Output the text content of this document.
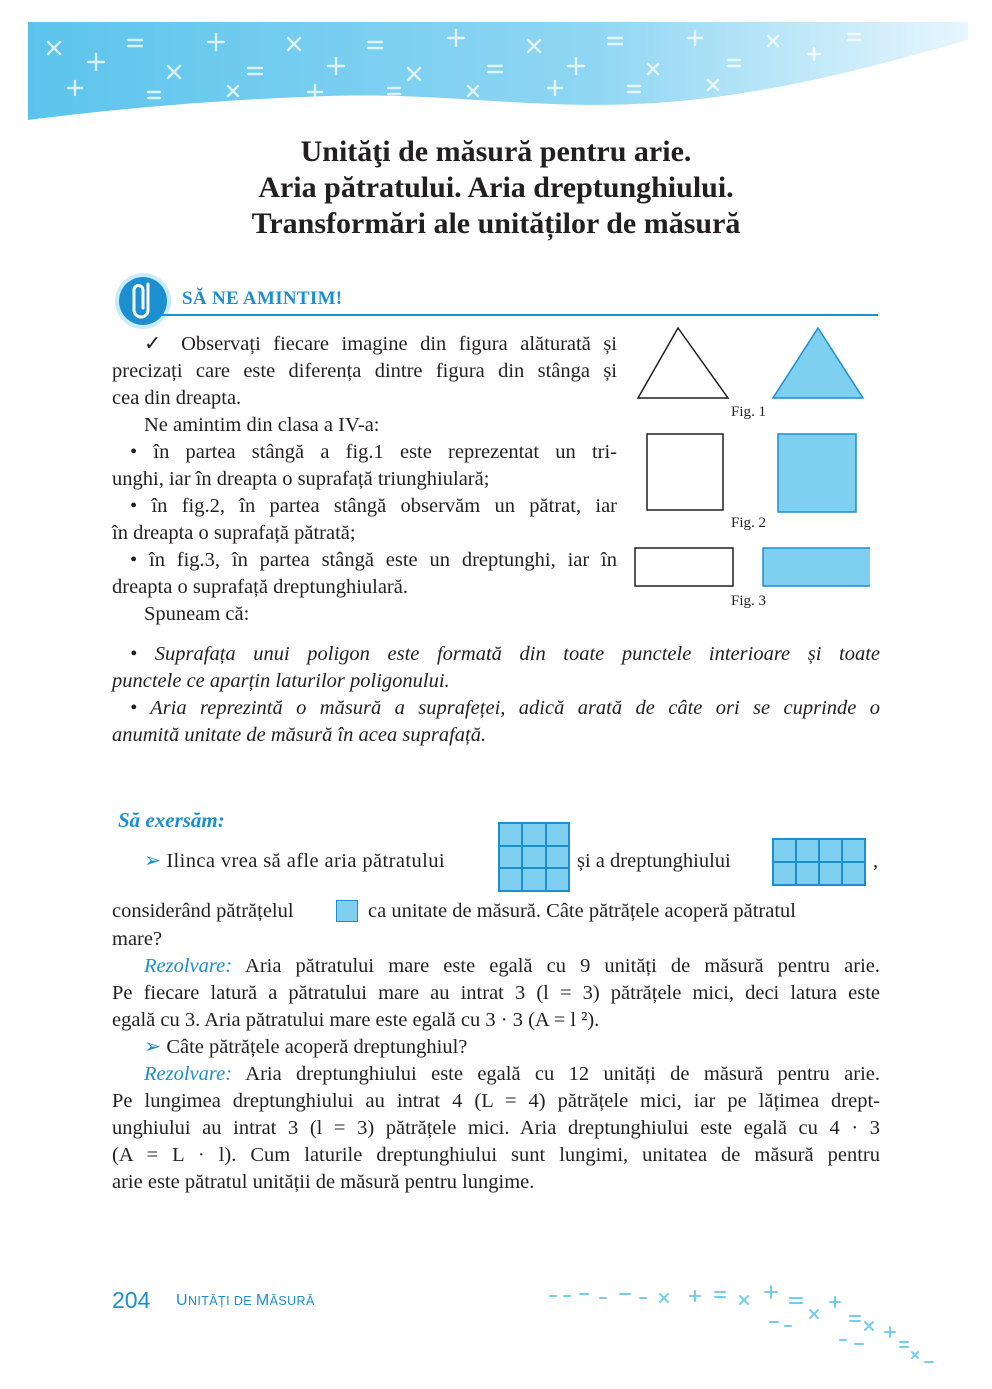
Unităţi de măsură pentru arie.
Aria pătratului. Aria dreptunghiului.
Transformări ale unităților de măsură
SĂ NE AMINTIM!
✓ Observați fiecare imagine din figura alăturată și
precizați care este diferența dintre figura din stânga și
cea din dreapta.
Ne amintim din clasa a IV-a:
• în partea stângă a fig.1 este reprezentat un tri-
unghi, iar în dreapta o suprafață triunghiulară;
• în fig.2, în partea stângă observăm un pătrat, iar
în dreapta o suprafață pătrată;
• în fig.3, în partea stângă este un dreptunghi, iar în
dreapta o suprafață dreptunghiulară.
Spuneam că:
• Suprafața unui poligon este formată din toate punctele interioare și toate
punctele ce aparțin laturilor poligonului.
• Aria reprezintă o măsură a suprafeței, adică arată de câte ori se cuprinde o
anumită unitate de măsură în acea suprafață.
Fig. 1
Fig. 2
Fig. 3
Să exersăm:
➢ Ilinca vrea să afle aria pătratului	și a dreptunghiului	,
considerând pătrățelul	ca unitate de măsură. Câte pătrățele acoperă pătratul
mare?
Rezolvare: Aria pătratului mare este egală cu 9 unități de măsură pentru arie.
Pe fiecare latură a pătratului mare au intrat 3 (l = 3) pătrățele mici, deci latura este
egală cu 3. Aria pătratului mare este egală cu 3 · 3 (A = l ²).
➢ Câte pătrățele acoperă dreptunghiul?
Rezolvare: Aria dreptunghiului este egală cu 12 unități de măsură pentru arie.
Pe lungimea dreptunghiului au intrat 4 (L = 4) pătrățele mici, iar pe lățimea drept-
unghiului au intrat 3 (l = 3) pătrățele mici. Aria dreptunghiului este egală cu 4 · 3
(A = L · l). Cum laturile dreptunghiului sunt lungimi, unitatea de măsură pentru
arie este pătratul unității de măsură pentru lungime.
204 UNITĂȚI DE MĂSURĂ
